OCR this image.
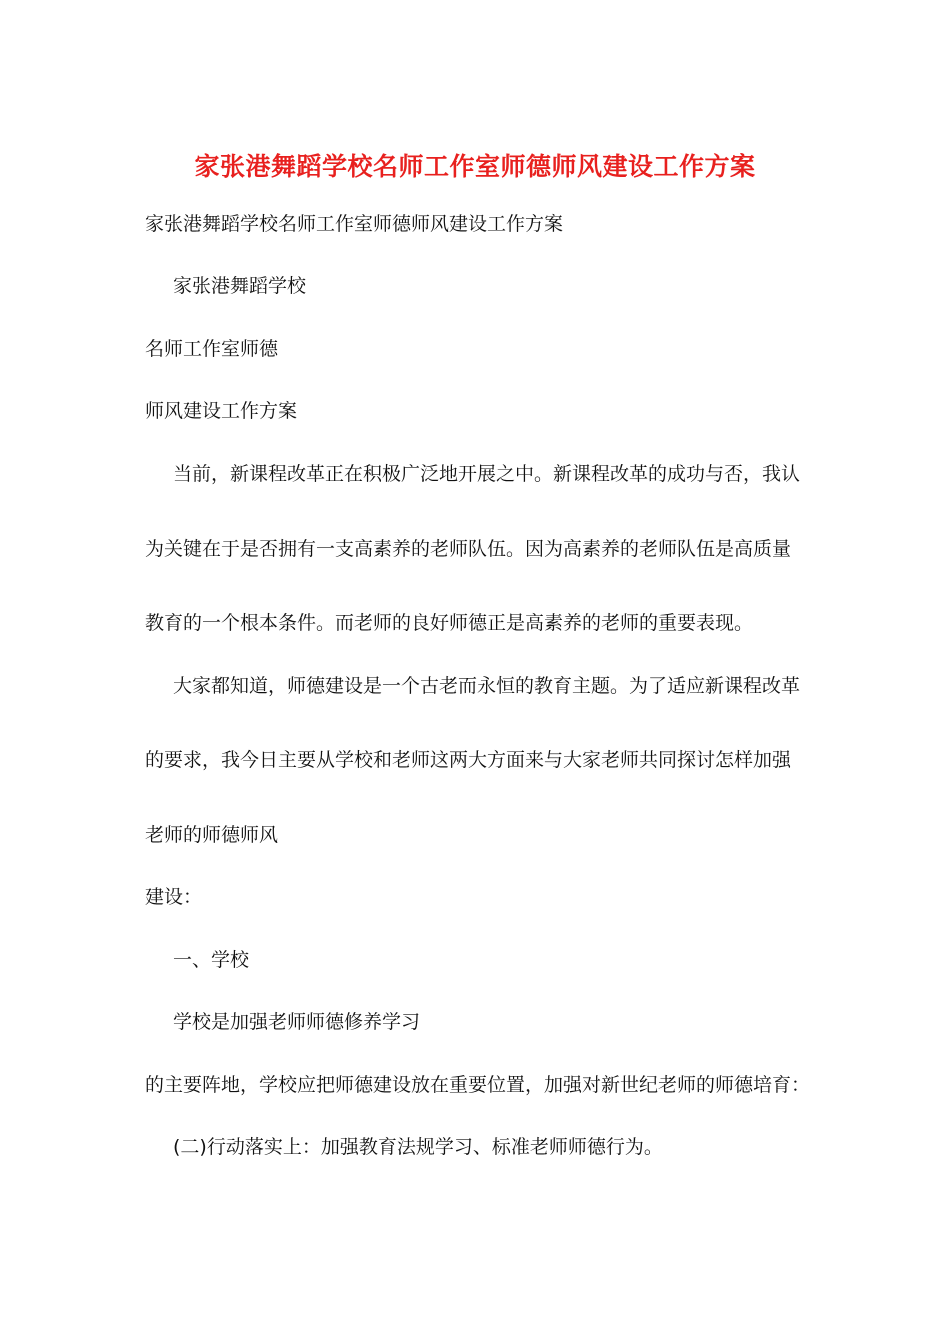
家张港舞蹈学校名师工作室师德师风建设工作方案
家张港舞蹈学校名师工作室师德师风建设工作方案
家张港舞蹈学校
名师工作室师德
师风建设工作方案
当前，新课程改革正在积极广泛地开展之中。新课程改革的成功与否，我认
为关键在于是否拥有一支高素养的老师队伍。因为高素养的老师队伍是高质量
教育的一个根本条件。而老师的良好师德正是高素养的老师的重要表现。
大家都知道，师德建设是一个古老而永恒的教育主题。为了适应新课程改革
的要求，我今日主要从学校和老师这两大方面来与大家老师共同探讨怎样加强
老师的师德师风
建设：
一、学校
学校是加强老师师德修养学习
的主要阵地，学校应把师德建设放在重要位置，加强对新世纪老师的师德培育：
(二)行动落实上：加强教育法规学习、标准老师师德行为。
